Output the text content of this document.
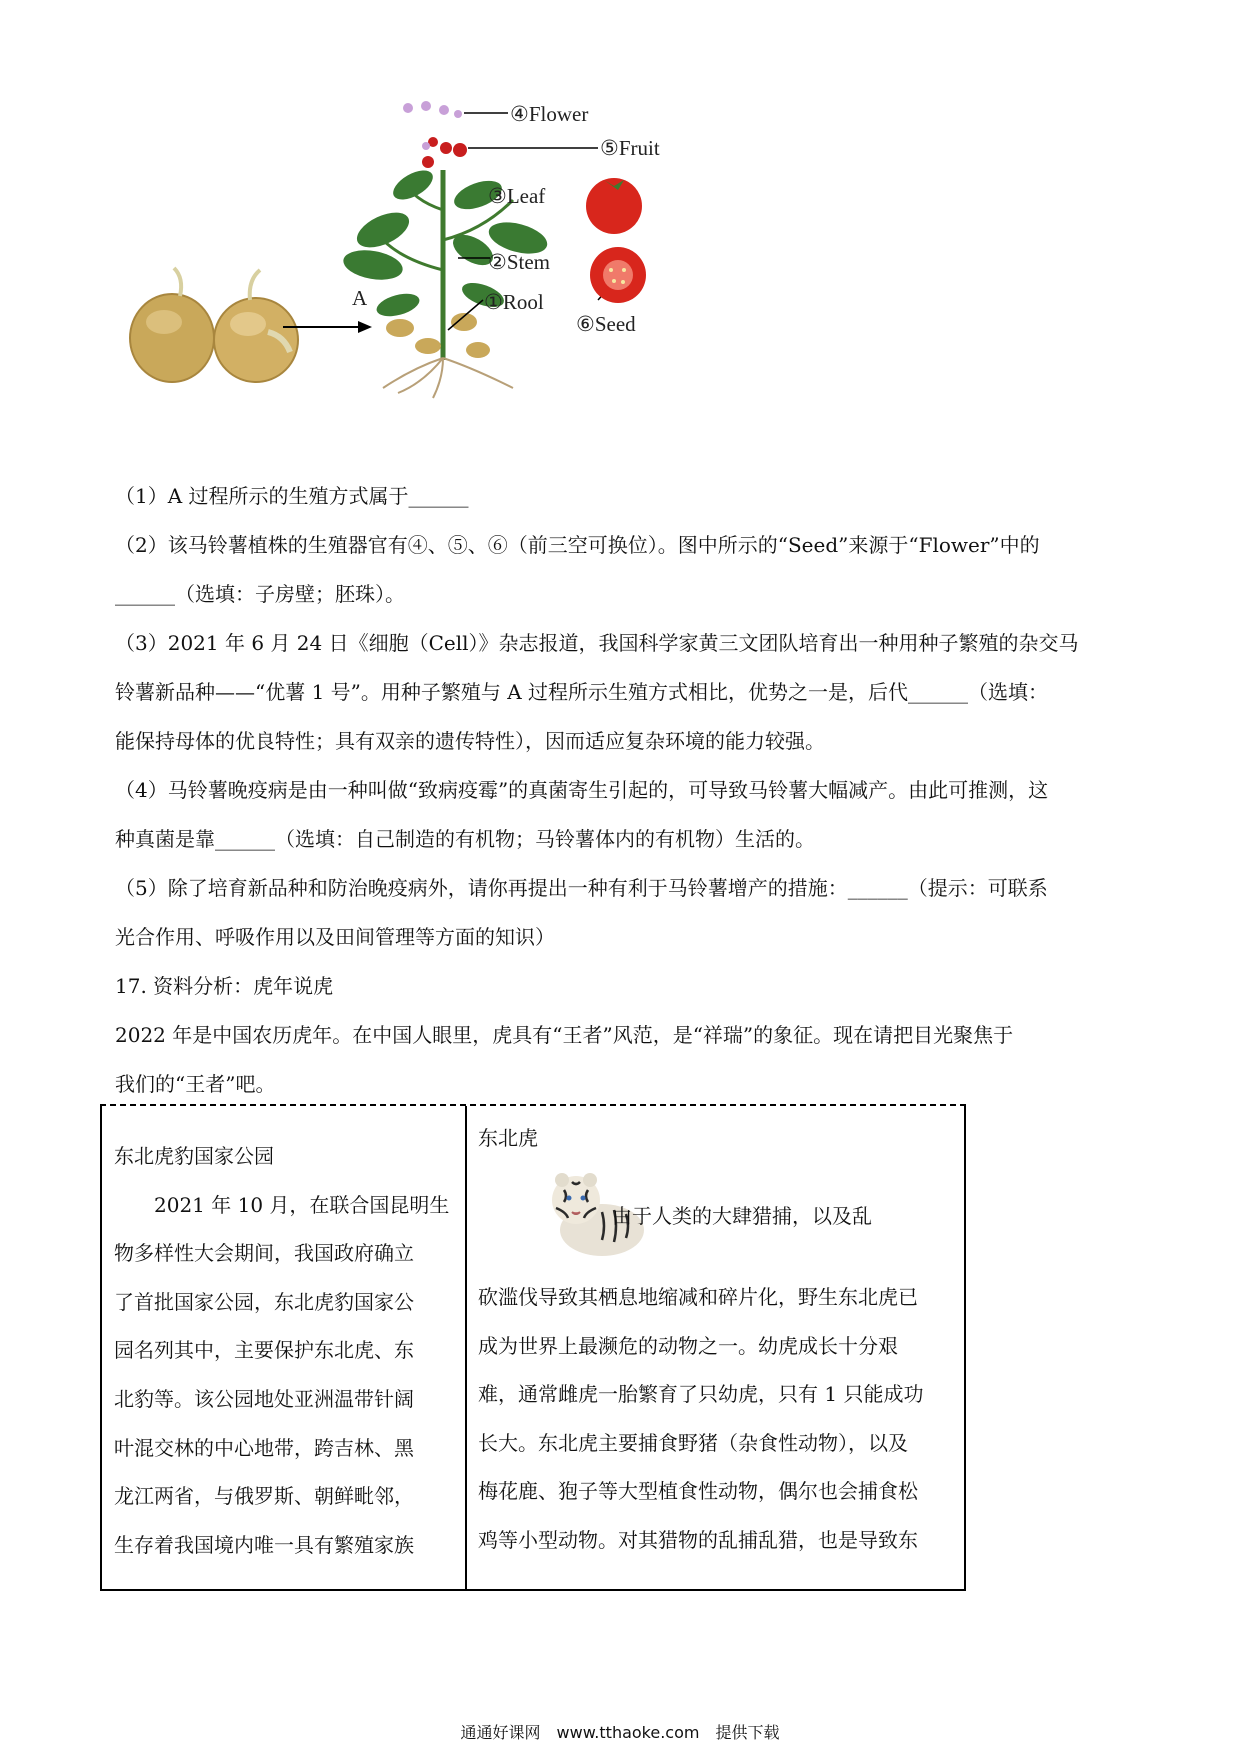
④Flower
⑤Fruit
③Leaf
②Stem
①Rool
⑥Seed
A
（1）A 过程所示的生殖方式属于______
（2）该马铃薯植株的生殖器官有④、⑤、⑥（前三空可换位）。图中所示的“Seed”来源于“Flower”中的
______（选填：子房壁；胚珠）。
（3）2021 年 6 月 24 日《细胞（Cell）》杂志报道，我国科学家黄三文团队培育出一种用种子繁殖的杂交马
铃薯新品种——“优薯 1 号”。用种子繁殖与 A 过程所示生殖方式相比，优势之一是，后代______（选填：
能保持母体的优良特性；具有双亲的遗传特性），因而适应复杂环境的能力较强。
（4）马铃薯晚疫病是由一种叫做“致病疫霉”的真菌寄生引起的，可导致马铃薯大幅减产。由此可推测，这
种真菌是靠______（选填：自己制造的有机物；马铃薯体内的有机物）生活的。
（5）除了培育新品种和防治晚疫病外，请你再提出一种有利于马铃薯增产的措施：______（提示：可联系
光合作用、呼吸作用以及田间管理等方面的知识）
17. 资料分析：虎年说虎
2022 年是中国农历虎年。在中国人眼里，虎具有“王者”风范，是“祥瑞”的象征。现在请把目光聚焦于
我们的“王者”吧。
东北虎豹国家公园
　　2021 年 10 月，在联合国昆明生
物多样性大会期间，我国政府确立
了首批国家公园，东北虎豹国家公
园名列其中，主要保护东北虎、东
北豹等。该公园地处亚洲温带针阔
叶混交林的中心地带，跨吉林、黑
龙江两省，与俄罗斯、朝鲜毗邻，
生存着我国境内唯一具有繁殖家族
东北虎
由于人类的大肆猎捕，以及乱
砍滥伐导致其栖息地缩减和碎片化，野生东北虎已
成为世界上最濒危的动物之一。幼虎成长十分艰
难，通常雌虎一胎繁育了只幼虎，只有 1 只能成功
长大。东北虎主要捕食野猪（杂食性动物），以及
梅花鹿、狍子等大型植食性动物，偶尔也会捕食松
鸡等小型动物。对其猎物的乱捕乱猎，也是导致东
通通好课网　www.tthaoke.com　提供下载
